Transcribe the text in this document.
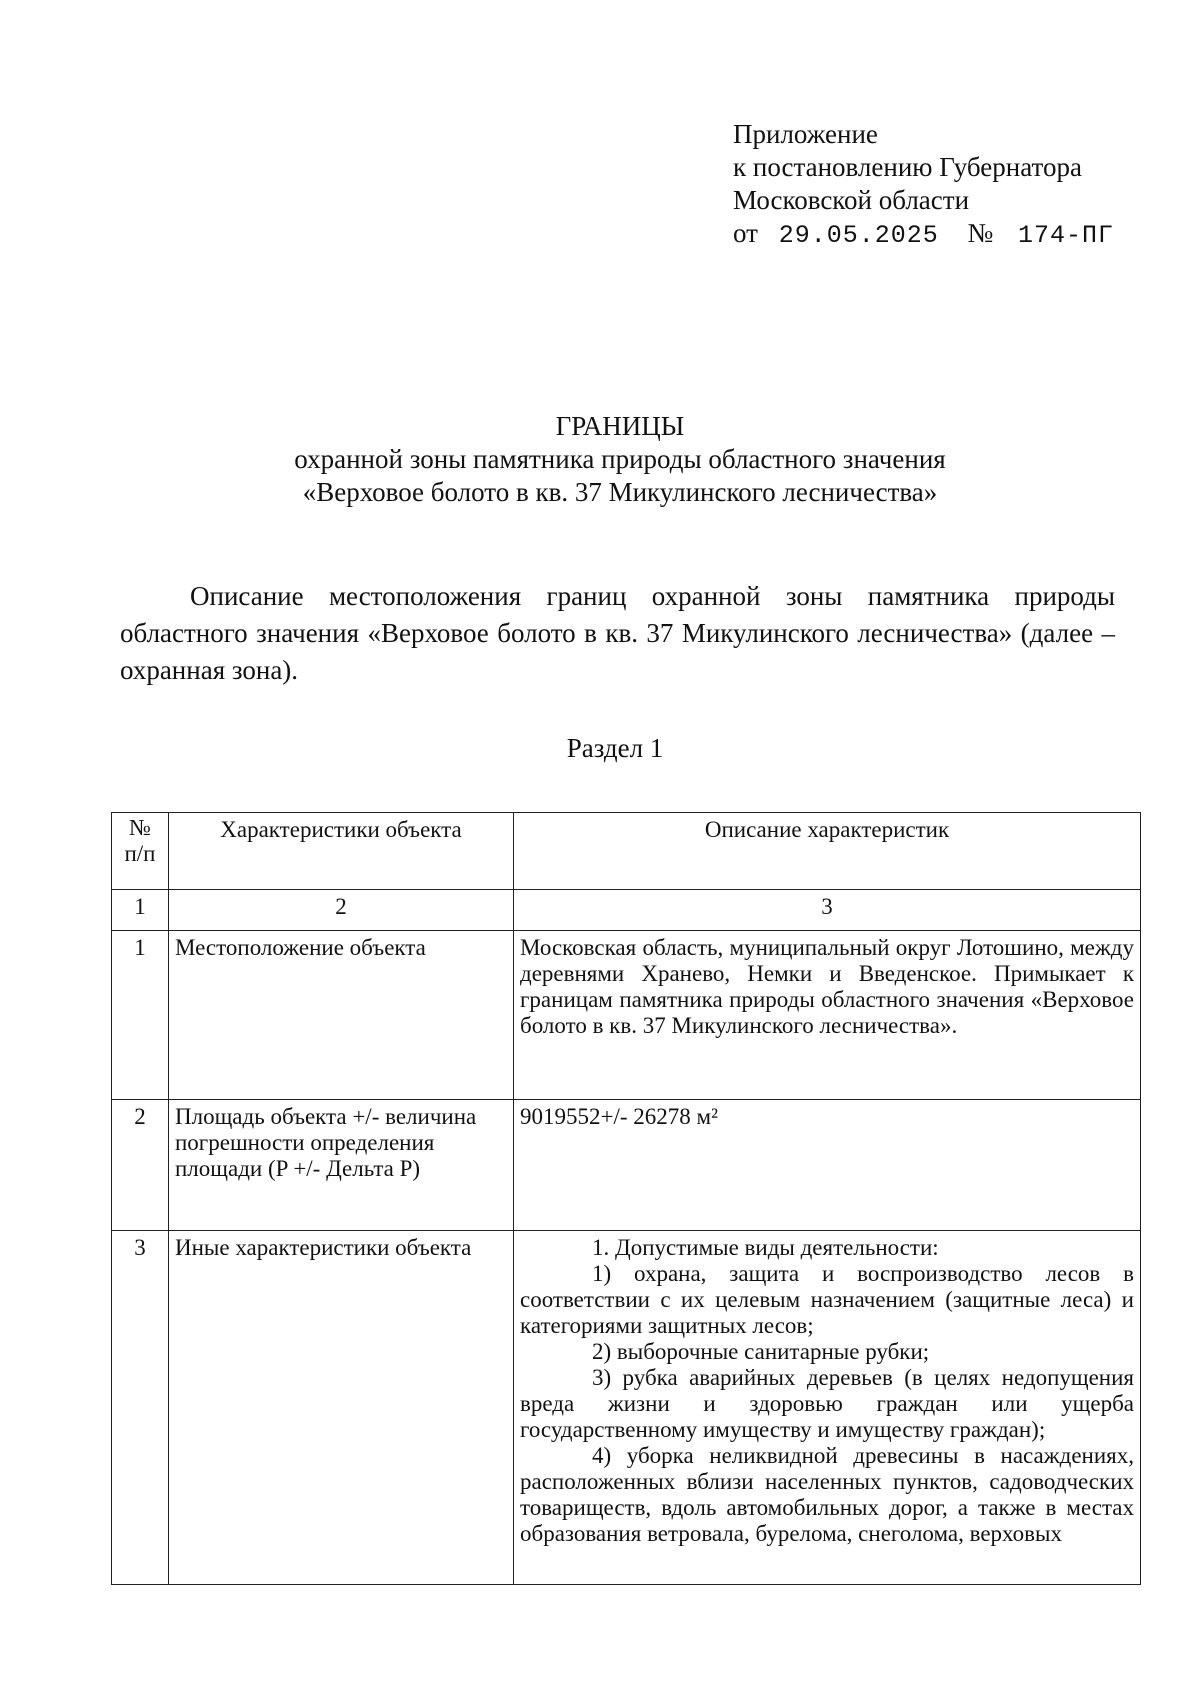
Приложение
к постановлению Губернатора
Московской области
от 29.05.2025 № 174-ПГ
ГРАНИЦЫ
охранной зоны памятника природы областного значения
«Верховое болото в кв. 37 Микулинского лесничества»

Описание местоположения границ охранной зоны памятника природы областного значения «Верховое болото в кв. 37 Микулинского лесничества» (далее – охранная зона).

Раздел 1
№ п/п	Характеристики объекта	Описание характеристик
1	2	3
1	Местоположение объекта	Московская область, муниципальный округ Лотошино, между деревнями Хранево, Немки и Введенское. Примыкает к границам памятника природы областного значения «Верховое болото в кв. 37 Микулинского лесничества».
2	Площадь объекта +/- величина погрешности определения площади (P +/- Дельта P)	9019552+/- 26278 м²
3	Иные характеристики объекта	1. Допустимые виды деятельности:

1) охрана, защита и воспроизводство лесов в соответствии с их целевым назначением (защитные леса) и категориями защитных лесов;

2) выборочные санитарные рубки;

3) рубка аварийных деревьев (в целях недопущения вреда жизни и здоровью граждан или ущерба государственному имуществу и имуществу граждан);

4) уборка неликвидной древесины в насаждениях, расположенных вблизи населенных пунктов, садоводческих товариществ, вдоль автомобильных дорог, а также в местах образования ветровала, бурелома, снеголома, верховых
